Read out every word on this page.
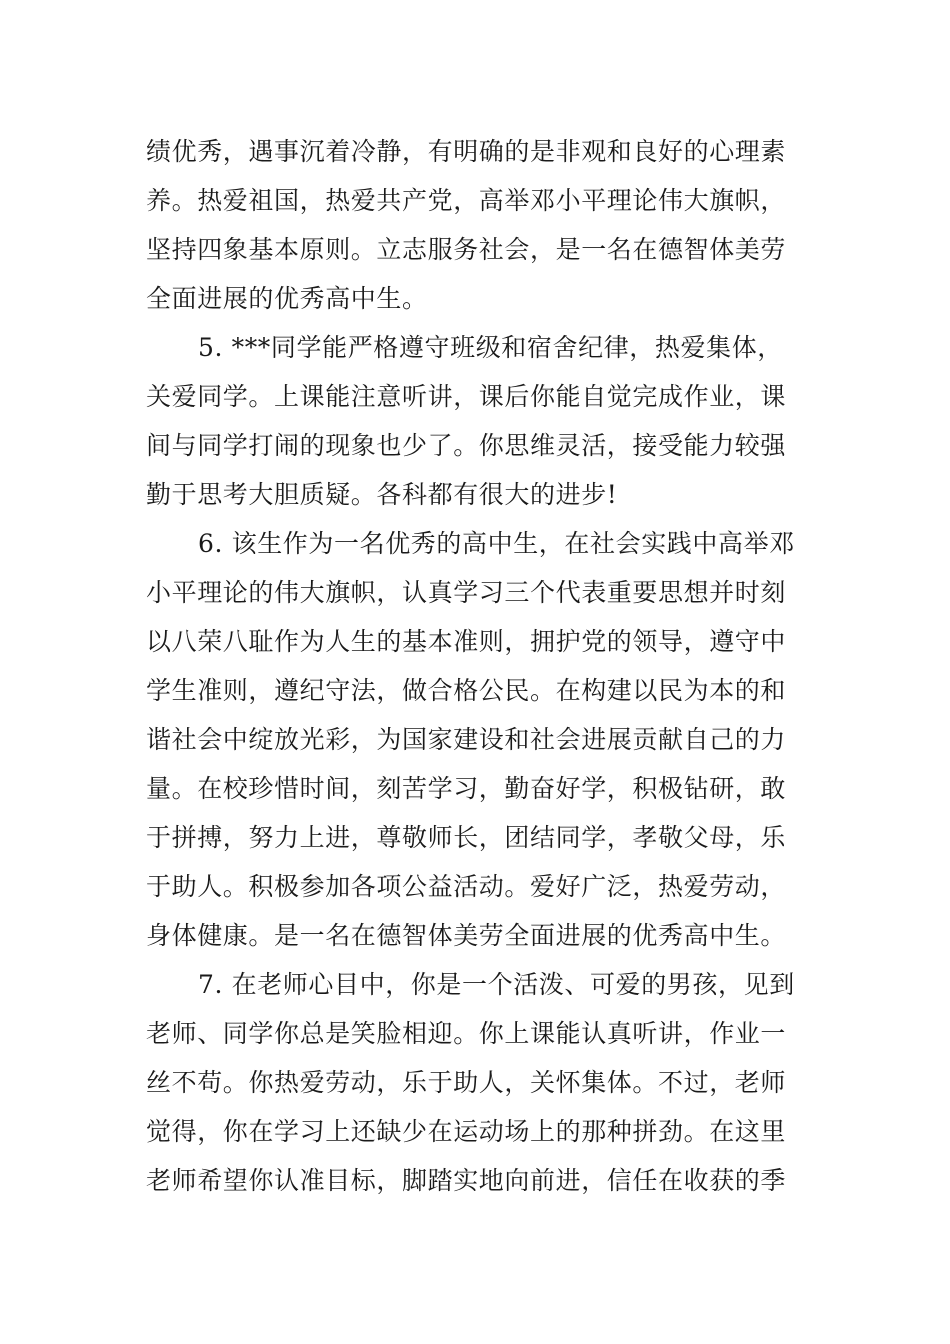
绩优秀，遇事沉着冷静，有明确的是非观和良好的心理素
养。热爱祖国，热爱共产党，高举邓小平理论伟大旗帜，
坚持四象基本原则。立志服务社会，是一名在德智体美劳
全面进展的优秀高中生。
5. ***同学能严格遵守班级和宿舍纪律，热爱集体，
关爱同学。上课能注意听讲，课后你能自觉完成作业，课
间与同学打闹的现象也少了。你思维灵活，接受能力较强
勤于思考大胆质疑。各科都有很大的进步!
6. 该生作为一名优秀的高中生，在社会实践中高举邓
小平理论的伟大旗帜，认真学习三个代表重要思想并时刻
以八荣八耻作为人生的基本准则，拥护党的领导，遵守中
学生准则，遵纪守法，做合格公民。在构建以民为本的和
谐社会中绽放光彩，为国家建设和社会进展贡献自己的力
量。在校珍惜时间，刻苦学习，勤奋好学，积极钻研，敢
于拼搏，努力上进，尊敬师长，团结同学，孝敬父母，乐
于助人。积极参加各项公益活动。爱好广泛，热爱劳动，
身体健康。是一名在德智体美劳全面进展的优秀高中生。
7. 在老师心目中，你是一个活泼、可爱的男孩，见到
老师、同学你总是笑脸相迎。你上课能认真听讲，作业一
丝不苟。你热爱劳动，乐于助人，关怀集体。不过，老师
觉得，你在学习上还缺少在运动场上的那种拼劲。在这里
老师希望你认准目标，脚踏实地向前进，信任在收获的季
